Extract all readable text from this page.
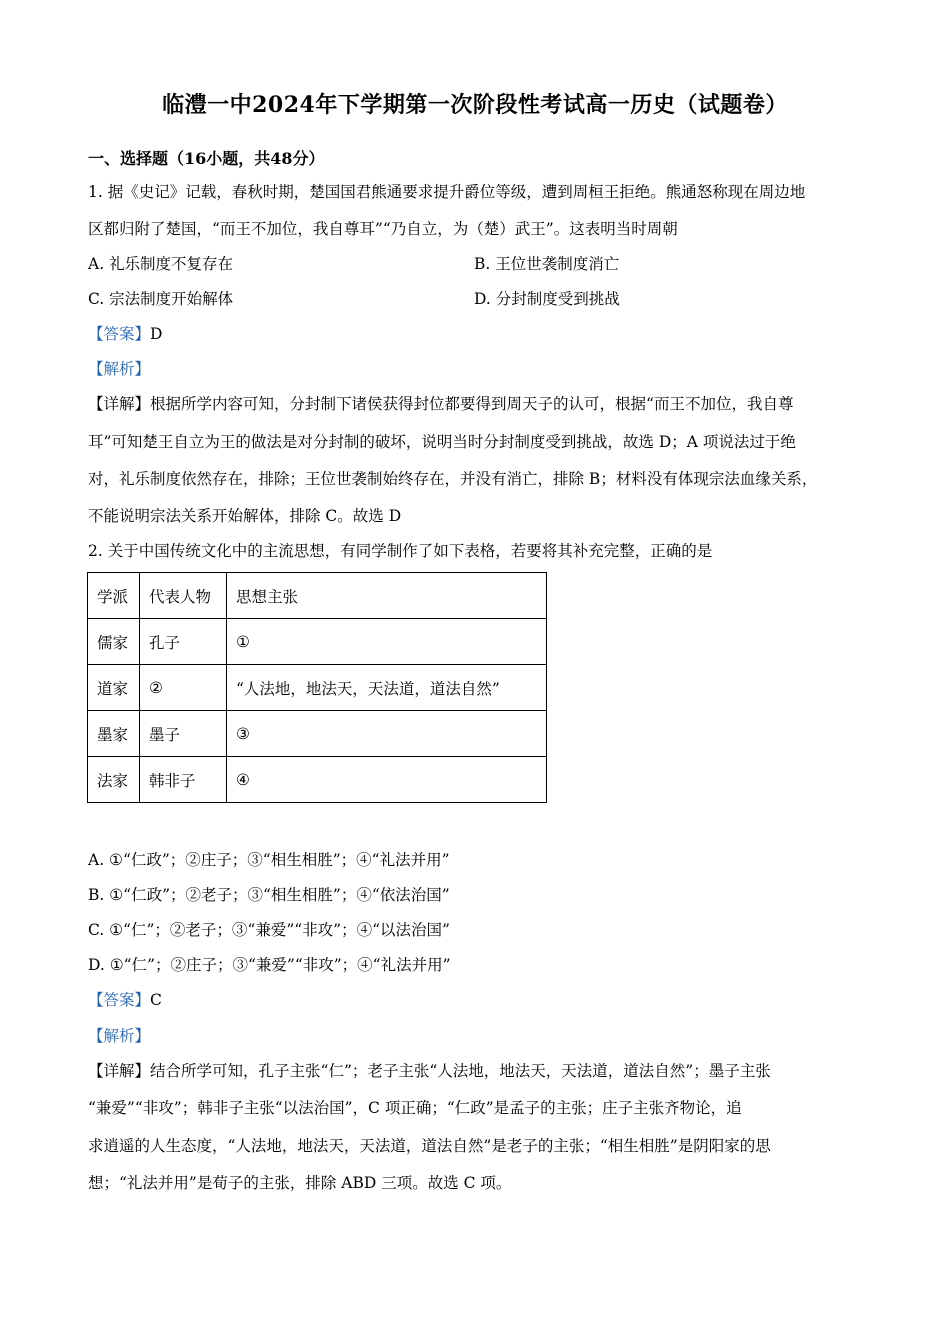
临澧一中2024年下学期第一次阶段性考试高一历史（试题卷）
一、选择题（16小题，共48分）
1. 据《史记》记载，春秋时期，楚国国君熊通要求提升爵位等级，遭到周桓王拒绝。熊通怒称现在周边地
区都归附了楚国，“而王不加位，我自尊耳”“乃自立，为（楚）武王”。这表明当时周朝
A. 礼乐制度不复存在	B. 王位世袭制度消亡
C. 宗法制度开始解体	D. 分封制度受到挑战
【答案】D
【解析】
【详解】根据所学内容可知，分封制下诸侯获得封位都要得到周天子的认可，根据“而王不加位，我自尊
耳”可知楚王自立为王的做法是对分封制的破坏，说明当时分封制度受到挑战，故选 D；A 项说法过于绝
对，礼乐制度依然存在，排除；王位世袭制始终存在，并没有消亡，排除 B；材料没有体现宗法血缘关系，
不能说明宗法关系开始解体，排除 C。故选 D
2. 关于中国传统文化中的主流思想，有同学制作了如下表格，若要将其补充完整，正确的是
学派	代表人物	思想主张
儒家	孔子	①
道家	②	“人法地，地法天，天法道，道法自然”
墨家	墨子	③
法家	韩非子	④
A. ①“仁政”；②庄子；③“相生相胜”；④“礼法并用”
B. ①“仁政”；②老子；③“相生相胜”；④“依法治国”
C. ①“仁”；②老子；③“兼爱”“非攻”；④“以法治国”
D. ①“仁”；②庄子；③“兼爱”“非攻”；④“礼法并用”
【答案】C
【解析】
【详解】结合所学可知，孔子主张“仁”；老子主张“人法地，地法天，天法道，道法自然”；墨子主张
“兼爱”“非攻”；韩非子主张“以法治国”，C 项正确；“仁政”是孟子的主张；庄子主张齐物论，追
求逍遥的人生态度，“人法地，地法天，天法道，道法自然”是老子的主张；“相生相胜”是阴阳家的思
想；“礼法并用”是荀子的主张，排除 ABD 三项。故选 C 项。
